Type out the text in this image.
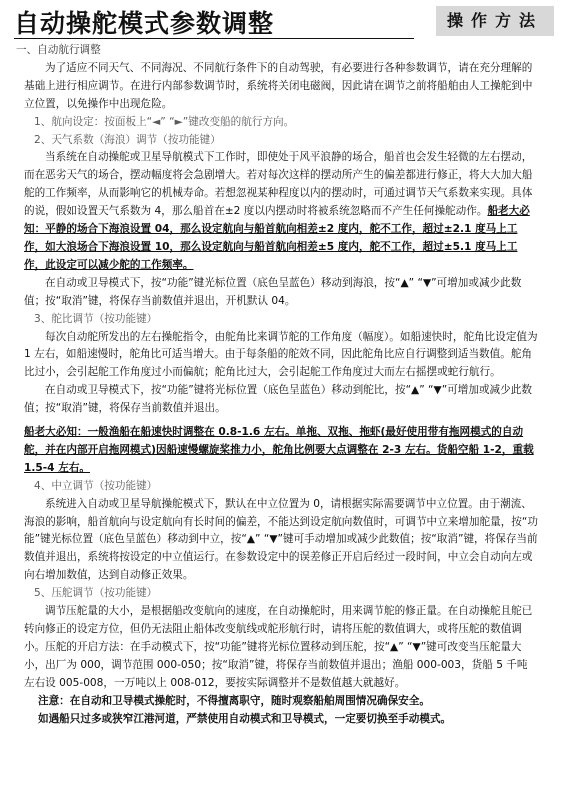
自动操舵模式参数调整	操作方法

一、自动航行调整

为了适应不同天气、不同海况、不同航行条件下的自动驾驶，有必要进行各种参数调节，请在充分理解的基础上进行相应调节。在进行内部参数调节时，系统将关闭电磁阀，因此请在调节之前将船舶由人工操舵到中立位置，以免操作中出现危险。

1、航向设定：按面板上“◄” “►”键改变船的航行方向。

2、天气系数（海浪）调节（按功能键）

当系统在自动操舵或卫星导航模式下工作时，即使处于风平浪静的场合，船首也会发生轻微的左右摆动，而在恶劣天气的场合，摆动幅度将会急剧增大。若对每次这样的摆动所产生的偏差都进行修正，将大大加大船舵的工作频率，从而影响它的机械寿命。若想忽视某种程度以内的摆动时，可通过调节天气系数来实现。具体的说，假如设置天气系数为 4，那么船首在±2 度以内摆动时将被系统忽略而不产生任何操舵动作。船老大必知：平静的场合下海浪设置 04，那么设定航向与船首航向相差±2 度内，舵不工作，超过±2.1 度马上工作，如大浪场合下海浪设置 10，那么设定航向与船首航向相差±5 度内，舵不工作，超过±5.1 度马上工作，此设定可以减少舵的工作频率。

在自动或卫导模式下，按“功能”键光标位置（底色呈蓝色）移动到海浪，按“▲” “▼”可增加或减少此数值；按“取消”键，将保存当前数值并退出，开机默认 04。

3、舵比调节（按功能键）

每次自动舵所发出的左右操舵指令，由舵角比来调节舵的工作角度（幅度）。如船速快时，舵角比设定值为 1 左右，如船速慢时，舵角比可适当增大。由于每条船的舵效不同，因此舵角比应自行调整到适当数值。舵角比过小，会引起舵工作角度过小而偏航；舵角比过大，会引起舵工作角度过大而左右摇摆或蛇行航行。

在自动或卫导模式下，按“功能”键将光标位置（底色呈蓝色）移动到舵比，按“▲” “▼”可增加或减少此数值；按“取消”键，将保存当前数值并退出。

船老大必知：一般渔船在船速快时调整在 0.8-1.6 左右。单拖、双拖、拖虾(最好使用带有拖网模式的自动舵，并在内部开启拖网模式)因船速慢螺旋桨推力小，舵角比例要大点调整在 2-3 左右。货船空船 1-2，重载 1.5-4 左右。

4、中立调节（按功能键）

系统进入自动或卫星导航操舵模式下，默认在中立位置为 0，请根据实际需要调节中立位置。由于潮流、海浪的影响，船首航向与设定航向有长时间的偏差，不能达到设定航向数值时，可调节中立来增加舵量，按“功能”键光标位置（底色呈蓝色）移动到中立，按“▲” “▼”键可手动增加或减少此数值；按“取消”键，将保存当前数值并退出，系统将按设定的中立值运行。在参数设定中的误差修正开启后经过一段时间，中立会自动向左或向右增加数值，达到自动修正效果。

5、压舵调节（按功能键）

调节压舵量的大小，是根据船改变航向的速度，在自动操舵时，用来调节舵的修正量。在自动操舵且舵已转向修正的设定方位，但仍无法阻止船体改变航线或舵形航行时，请将压舵的数值调大，或将压舵的数值调小。压舵的开启方法：在手动模式下，按“功能”键将光标位置移动到压舵，按“▲” “▼”键可改变当压舵量大小，出厂为 000，调节范围 000-050；按“取消”键，将保存当前数值并退出；渔船 000-003，货船 5 千吨左右设 005-008，一万吨以上 008-012，要按实际调整并不是数值越大就越好。

注意：在自动和卫导模式操舵时，不得擅离职守，随时观察船舶周围情况确保安全。

如遇船只过多或狭窄江港河道，严禁使用自动模式和卫导模式，一定要切换至手动模式。
